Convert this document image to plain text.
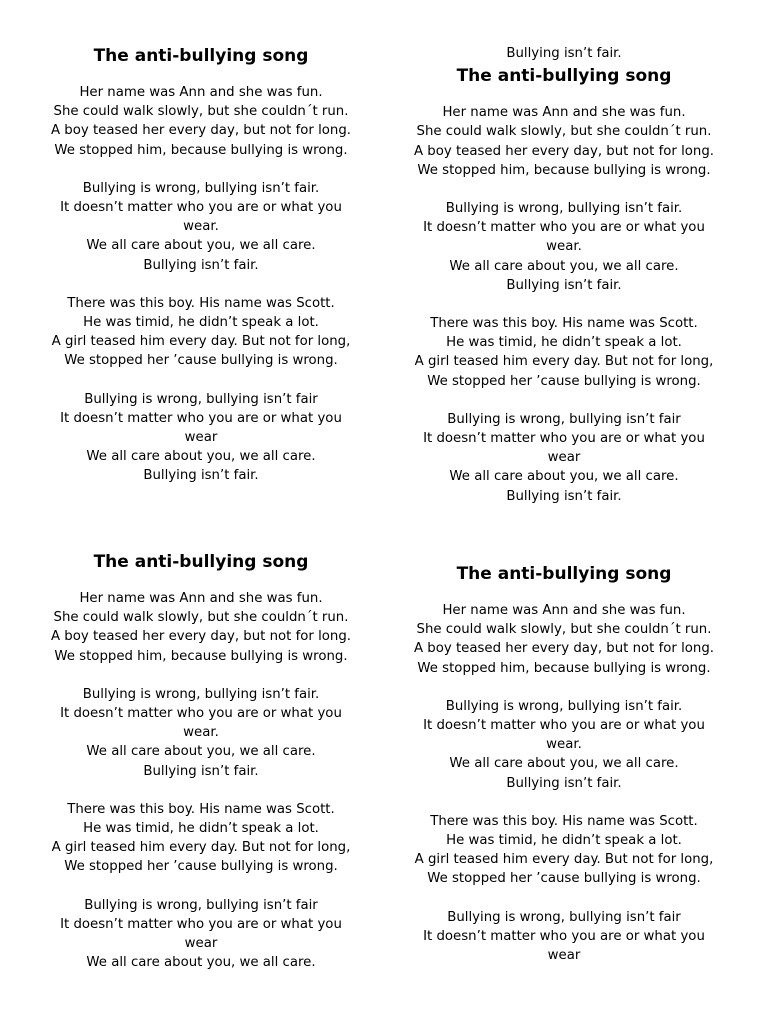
The anti-bullying song
Her name was Ann and she was fun.
She could walk slowly, but she couldn´t run.
A boy teased her every day, but not for long.
We stopped him, because bullying is wrong.
Bullying is wrong, bullying isn’t fair.
It doesn’t matter who you are or what you
wear.
We all care about you, we all care.
Bullying isn’t fair.
There was this boy. His name was Scott.
He was timid, he didn’t speak a lot.
A girl teased him every day. But not for long,
We stopped her ’cause bullying is wrong.
Bullying is wrong, bullying isn’t fair
It doesn’t matter who you are or what you
wear
We all care about you, we all care.
Bullying isn’t fair.
Bullying isn’t fair.
The anti-bullying song
Her name was Ann and she was fun.
She could walk slowly, but she couldn´t run.
A boy teased her every day, but not for long.
We stopped him, because bullying is wrong.
Bullying is wrong, bullying isn’t fair.
It doesn’t matter who you are or what you
wear.
We all care about you, we all care.
Bullying isn’t fair.
There was this boy. His name was Scott.
He was timid, he didn’t speak a lot.
A girl teased him every day. But not for long,
We stopped her ’cause bullying is wrong.
Bullying is wrong, bullying isn’t fair
It doesn’t matter who you are or what you
wear
We all care about you, we all care.
Bullying isn’t fair.
The anti-bullying song
Her name was Ann and she was fun.
She could walk slowly, but she couldn´t run.
A boy teased her every day, but not for long.
We stopped him, because bullying is wrong.
Bullying is wrong, bullying isn’t fair.
It doesn’t matter who you are or what you
wear.
We all care about you, we all care.
Bullying isn’t fair.
There was this boy. His name was Scott.
He was timid, he didn’t speak a lot.
A girl teased him every day. But not for long,
We stopped her ’cause bullying is wrong.
Bullying is wrong, bullying isn’t fair
It doesn’t matter who you are or what you
wear
We all care about you, we all care.
The anti-bullying song
Her name was Ann and she was fun.
She could walk slowly, but she couldn´t run.
A boy teased her every day, but not for long.
We stopped him, because bullying is wrong.
Bullying is wrong, bullying isn’t fair.
It doesn’t matter who you are or what you
wear.
We all care about you, we all care.
Bullying isn’t fair.
There was this boy. His name was Scott.
He was timid, he didn’t speak a lot.
A girl teased him every day. But not for long,
We stopped her ’cause bullying is wrong.
Bullying is wrong, bullying isn’t fair
It doesn’t matter who you are or what you
wear
